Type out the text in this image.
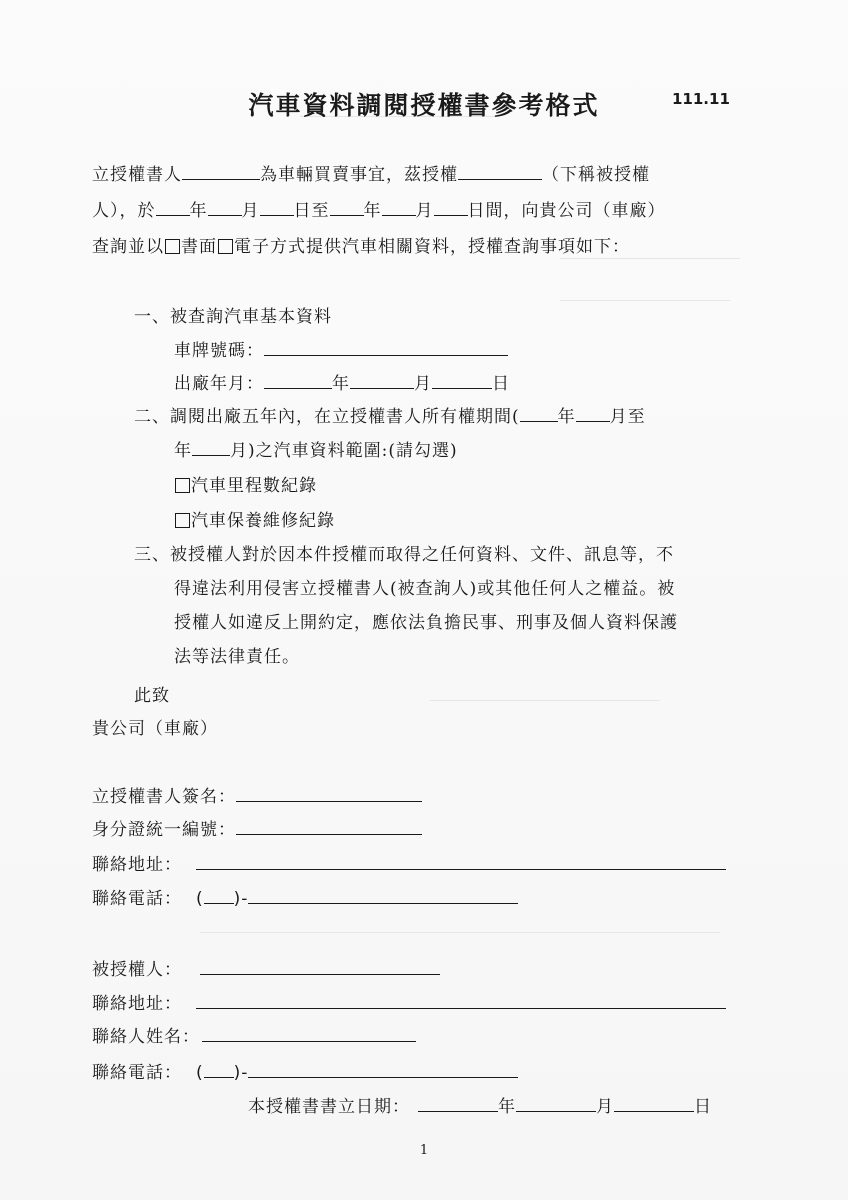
汽車資料調閱授權書參考格式	111.11
立授權書人	為車輛買賣事宜，茲授權	（下稱被授權
人），於 年 月 日至 年 月 日間，向貴公司（車廠）
查詢並以 書面 電子方式提供汽車相關資料，授權查詢事項如下：
一、被查詢汽車基本資料
車牌號碼：
出廠年月：	年	月	日
二、調閱出廠五年內，在立授權書人所有權期間( 年 月至
年 月)之汽車資料範圍:(請勾選)
汽車里程數紀錄
汽車保養維修紀錄
三、被授權人對於因本件授權而取得之任何資料、文件、訊息等，不
得違法利用侵害立授權書人(被查詢人)或其他任何人之權益。被
授權人如違反上開約定，應依法負擔民事、刑事及個人資料保護
法等法律責任。
此致
貴公司（車廠）
立授權書人簽名：
身分證統一編號：
聯絡地址：
聯絡電話： ( )-
被授權人：
聯絡地址：
聯絡人姓名：
聯絡電話： ( )-
本授權書書立日期：	年	月	日
1
